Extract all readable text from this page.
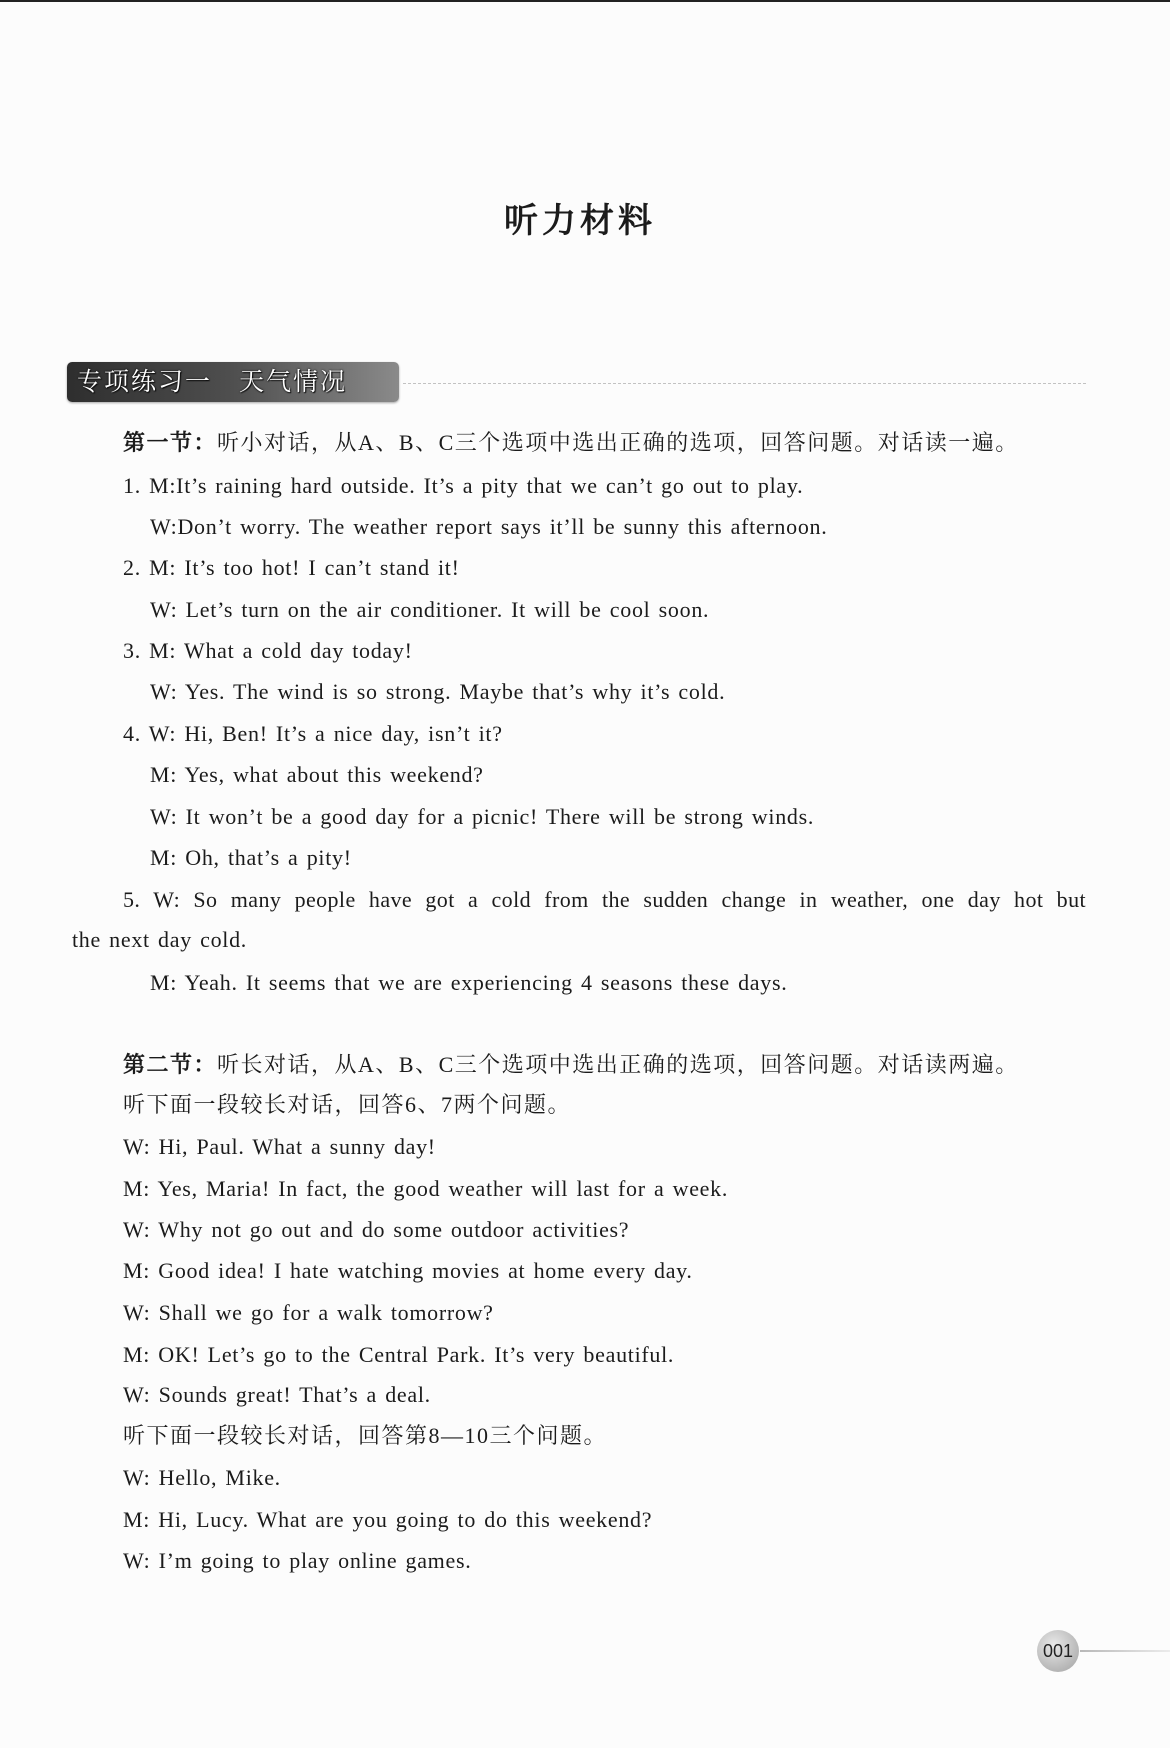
听力材料
专项练习一　天气情况
第一节：听小对话，从A、B、C三个选项中选出正确的选项，回答问题。对话读一遍。
1. M:It’s raining hard outside. It’s a pity that we can’t go out to play.
W:Don’t worry. The weather report says it’ll be sunny this afternoon.
2. M: It’s too hot! I can’t stand it!
W: Let’s turn on the air conditioner. It will be cool soon.
3. M: What a cold day today!
W: Yes. The wind is so strong. Maybe that’s why it’s cold.
4. W: Hi, Ben! It’s a nice day, isn’t it?
M: Yes, what about this weekend?
W: It won’t be a good day for a picnic! There will be strong winds.
M: Oh, that’s a pity!
5. W: So many people have got a cold from the sudden change in weather, one day hot but
the next day cold.
M: Yeah. It seems that we are experiencing 4 seasons these days.
第二节：听长对话，从A、B、C三个选项中选出正确的选项，回答问题。对话读两遍。
听下面一段较长对话，回答6、7两个问题。
W: Hi, Paul. What a sunny day!
M: Yes, Maria! In fact, the good weather will last for a week.
W: Why not go out and do some outdoor activities?
M: Good idea! I hate watching movies at home every day.
W: Shall we go for a walk tomorrow?
M: OK! Let’s go to the Central Park. It’s very beautiful.
W: Sounds great! That’s a deal.
听下面一段较长对话，回答第8—10三个问题。
W: Hello, Mike.
M: Hi, Lucy. What are you going to do this weekend?
W: I’m going to play online games.
001
